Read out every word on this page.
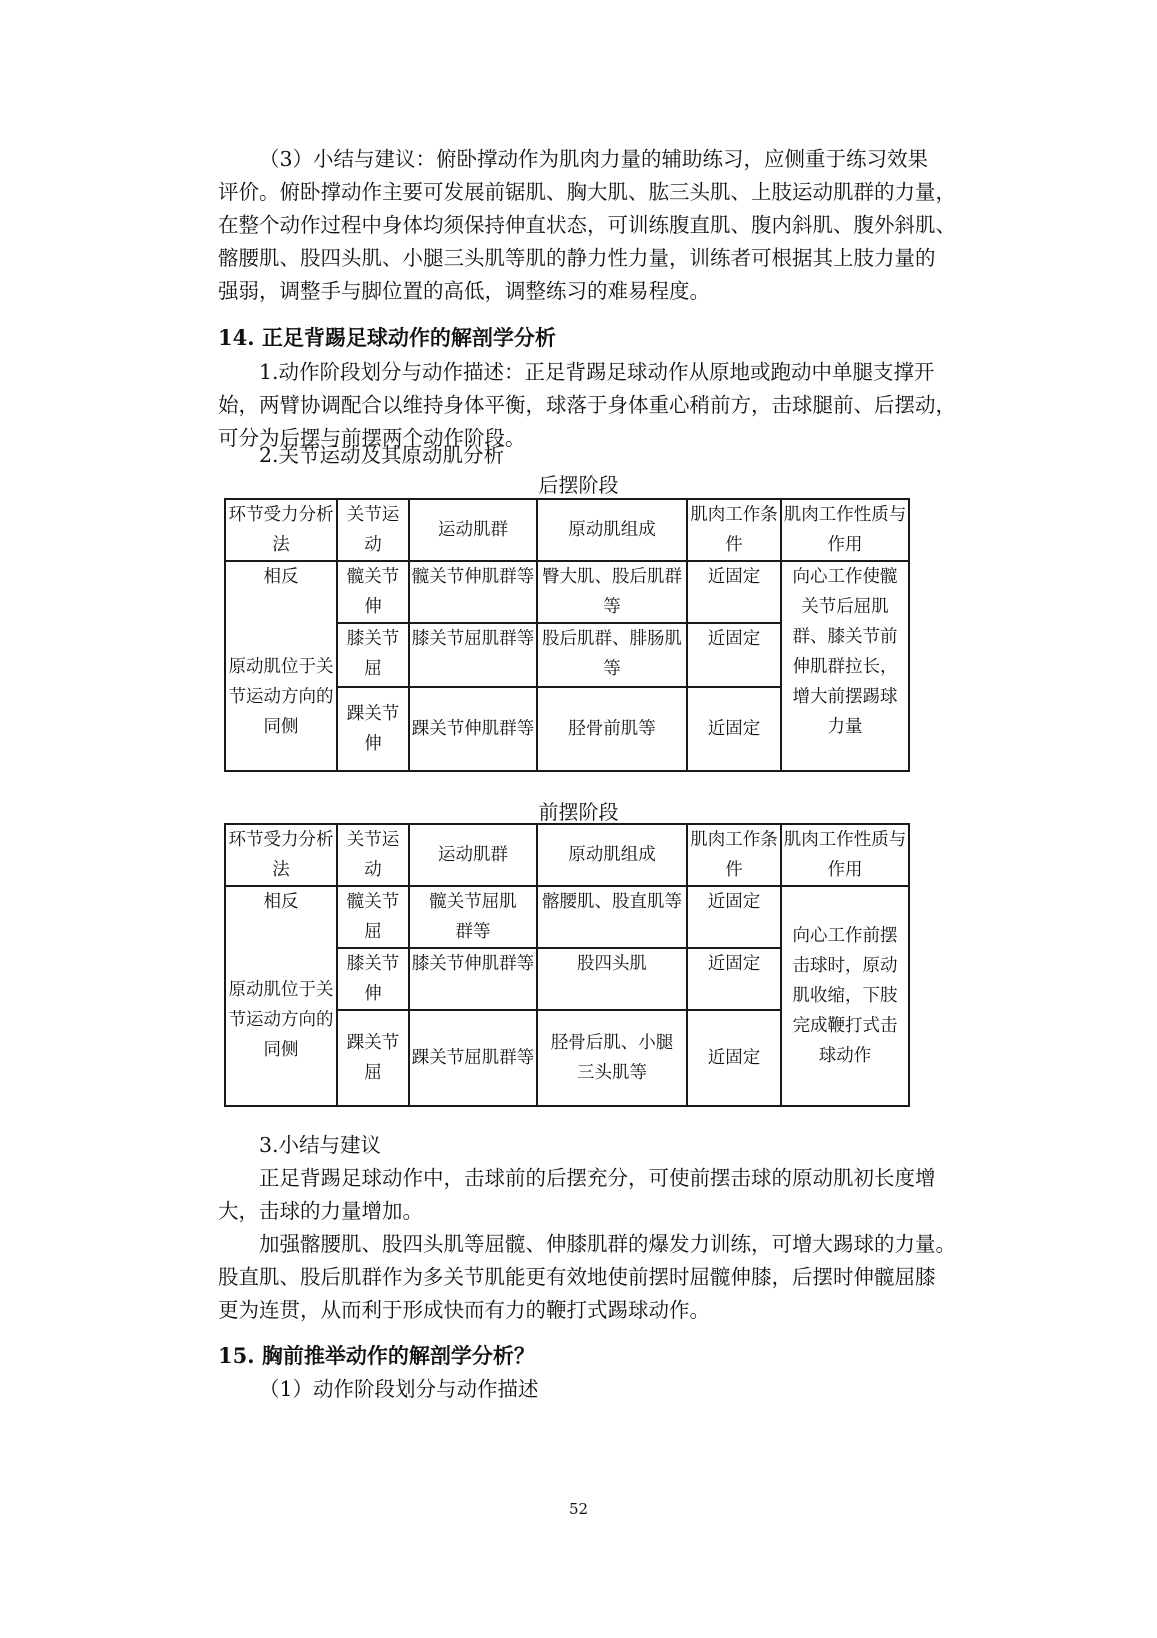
（3）小结与建议：俯卧撑动作为肌肉力量的辅助练习，应侧重于练习效果
评价。俯卧撑动作主要可发展前锯肌、胸大肌、肱三头肌、上肢运动肌群的力量，
在整个动作过程中身体均须保持伸直状态，可训练腹直肌、腹内斜肌、腹外斜肌、
髂腰肌、股四头肌、小腿三头肌等肌的静力性力量，训练者可根据其上肢力量的
强弱，调整手与脚位置的高低，调整练习的难易程度。

14. 正足背踢足球动作的解剖学分析

1.动作阶段划分与动作描述：正足背踢足球动作从原地或跑动中单腿支撑开
始，两臂协调配合以维持身体平衡，球落于身体重心稍前方，击球腿前、后摆动，
可分为后摆与前摆两个动作阶段。

2.关节运动及其原动肌分析

后摆阶段

环节受力分析法	关节运动	运动肌群	原动肌组成	肌肉工作条件	肌肉工作性质与作用

相反
原动肌位于关节运动方向的同侧	髋关节伸	髋关节伸肌群等	臀大肌、股后肌群等	近固定	向心工作使髋关节后屈肌群、膝关节前伸肌群拉长，增大前摆踢球力量
	膝关节屈	膝关节屈肌群等	股后肌群、腓肠肌等	近固定	
	踝关节伸	踝关节伸肌群等	胫骨前肌等	近固定	

前摆阶段

环节受力分析法	关节运动	运动肌群	原动肌组成	肌肉工作条件	肌肉工作性质与作用

相反
原动肌位于关节运动方向的同侧	髋关节屈	髋关节屈肌群等	髂腰肌、股直肌等	近固定	向心工作前摆击球时，原动肌收缩，下肢完成鞭打式击球动作
	膝关节伸	膝关节伸肌群等	股四头肌	近固定	
	踝关节屈	踝关节屈肌群等	胫骨后肌、小腿三头肌等	近固定	

3.小结与建议

正足背踢足球动作中，击球前的后摆充分，可使前摆击球的原动肌初长度增
大，击球的力量增加。
加强髂腰肌、股四头肌等屈髋、伸膝肌群的爆发力训练，可增大踢球的力量。
股直肌、股后肌群作为多关节肌能更有效地使前摆时屈髋伸膝，后摆时伸髋屈膝
更为连贯，从而利于形成快而有力的鞭打式踢球动作。

15. 胸前推举动作的解剖学分析？

（1）动作阶段划分与动作描述

52
